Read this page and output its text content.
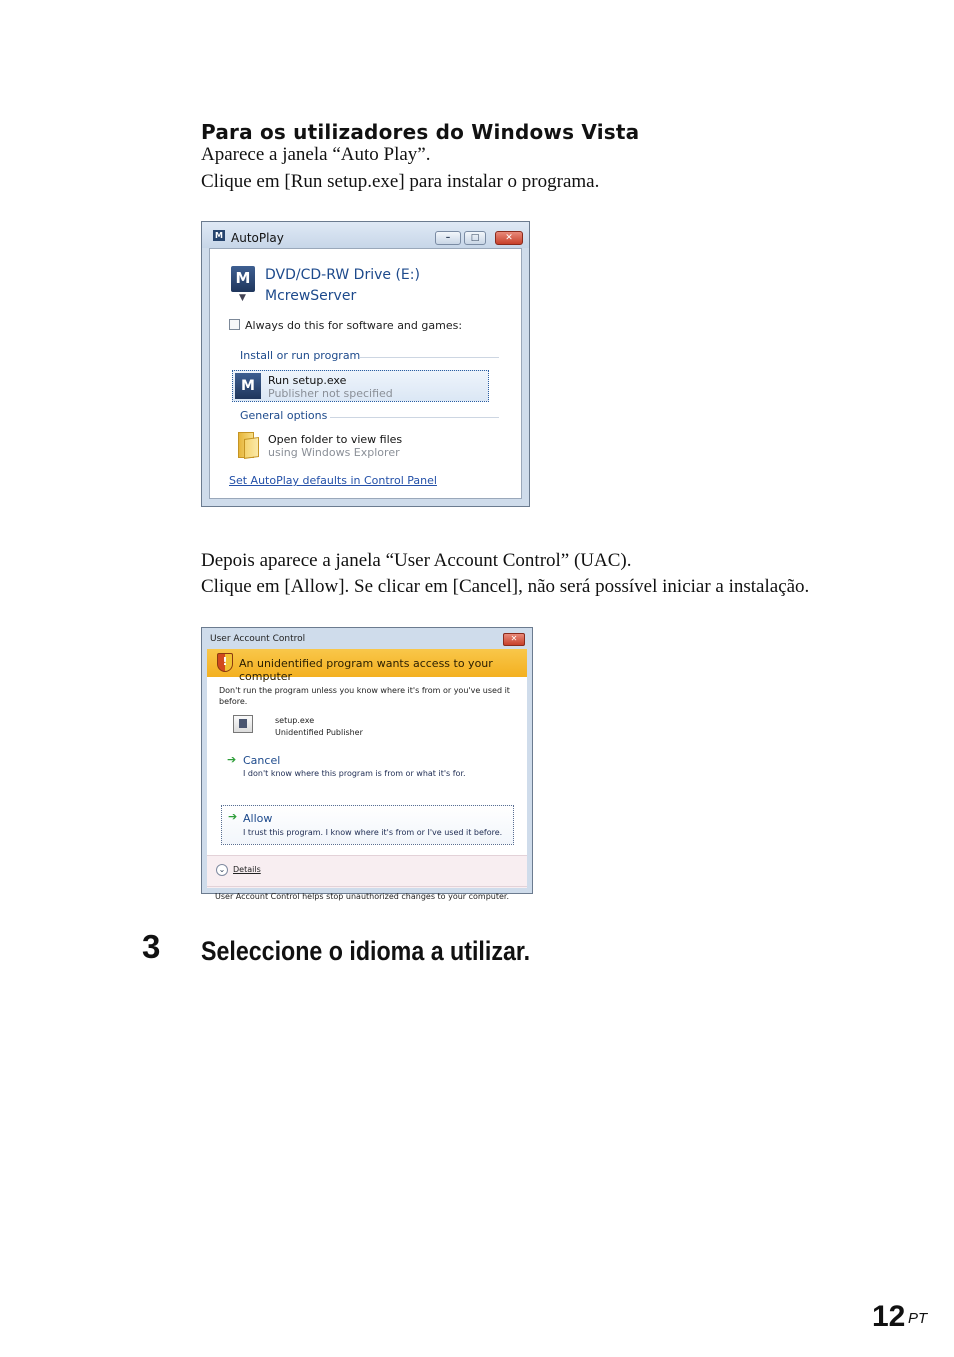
Para os utilizadores do Windows Vista
Aparece a janela “Auto Play”.
Clique em [Run setup.exe] para instalar o programa.
M AutoPlay	–	□	✕
M
▼
DVD/CD-RW Drive (E:)
McrewServer
Always do this for software and games:
Install or run program
M	Run setup.exe
Publisher not specified
General options
Open folder to view files
using Windows Explorer
Set AutoPlay defaults in Control Panel
Depois aparece a janela “User Account Control” (UAC).
Clique em [Allow]. Se clicar em [Cancel], não será possível iniciar a instalação.
User Account Control	✕
!	An unidentified program wants access to your computer
Don't run the program unless you know where it's from or you've used it before.
setup.exe
Unidentified Publisher
➔ Cancel
I don't know where this program is from or what it's for.
➔ Allow
I trust this program. I know where it's from or I've used it before.
⌄ Details
User Account Control helps stop unauthorized changes to your computer.
3 Seleccione o idioma a utilizar.
12 PT
